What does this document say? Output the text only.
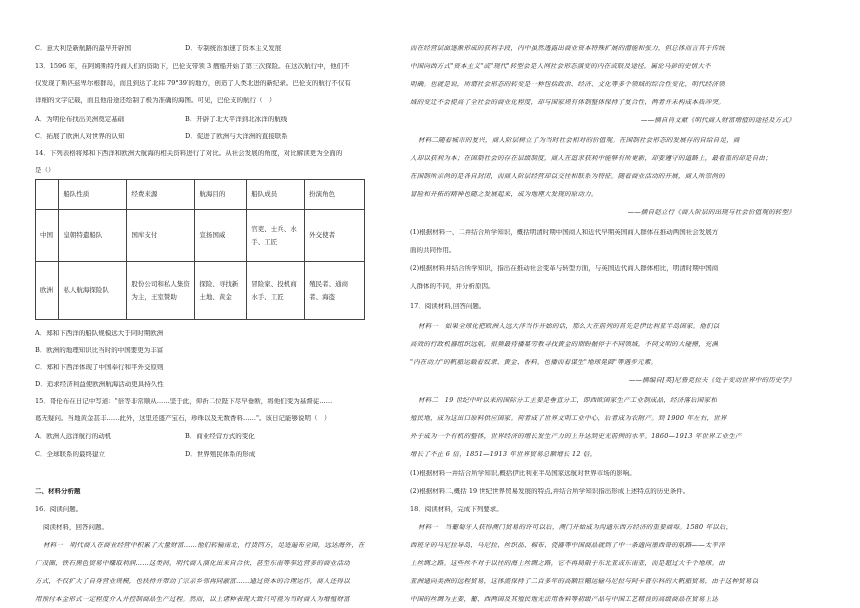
C．意大利是新航路的最早开辟国	D．专制统治加速了资本主义发展
13．1596 年，在阿姆斯特丹商人们的资助下，巴伦支带领 3 艘船开始了第三次探险。在这次航行中，他们不
仅发现了斯匹兹卑尔根群岛，而且到达了北纬 79°39′的地方，创造了人类北进的新纪录。巴伦支的航行不仅有
详细的文字记载，而且他沿途还绘制了极为准确的海图。可见，巴伦支的航行（　）
A．为明伦布找出美洲奠定基础	B．开辟了北大平洋到北冰洋的航线
C．拓展了欧洲人对世界的认知	D．促进了欧洲与大洋洲的直接联系
14．下列表格将郑和下西洋和欧洲大航海的相关资料进行了对比。从社会发展的角度，对比解读更为全面的
是（）
	船队性质	经费来源	航海目的	船队成员	扮演角色
中国	皇朝特遣船队	国库支付	宣扬国威	官吏、士兵、水手、工匠	外交使者
欧洲	私人航海探险队	股份公司和私人集资为主，王室赞助	探险、寻找新土地、黄金	冒险家、投机商水手、工匠	殖民者、通商者、海盗
A．郑和下西洋的船队规模远大于同时期欧洲
B．欧洲的地理知识比当时的中国要更为丰富
C．郑和下西洋体现了中国奉行和平外交原则
D．追求经济利益使欧洲航海活动更具持久性
15．哥伦布在日记中写道："倍等非常顺从……坚于此，仰祈二位陛下尽早垂断，将他们变为基督徒……
葛无疑问。当地黄金甚丰……此外，这里还盛产宝石，珍珠以及无数香料……"。该日记能够说明（　）
A．欧洲人远洋航行的动机	B．商业经营方式的变化
C．全球联系的最终建立	D．世界殖民体系的形成
二、材料分析题
16．阅读问题。
阅读材料，回答问题。
材料一　明代商人在商业经营中积累了大量财富……他们转输南北，行货四方，足迹遍布全国，远达海外，在
广茂圈，铁石黑色贸易中赚取利润……这类间，明代商人演化出来自合伙、甚至东南等奉近营多的商业活动
方式，不仅扩大了自身营业规模，也扶持并带动了宗亲乡邻再同蔽富……通过资本的合理运作，商人还得以
用预付本金形式一定程度介入并控制商品生产过程。然而，以上诸种表现大致只可视为当时商人为增殖财富
而在经营层面逐渐形成的获利手段，内中虽然透露出商业资本特殊扩展的潜能和张力，但总体而言其于传统
中国向西方式"资本主义"或"现代"转型会是人网社会形态演变的内在或联及途径，属论马彭的史情大不
明确。也就是说，所谓社会形态的转变是一种包括政治、经济、文化等多个领域的综合性变化，明代经济领
域的变迁不会提高了全社会的商业化程度，却与国家规有体制整体保持了复合性，两者并未构成本质冲突。
——摘自肖文献《明代商人财富增值的途径及方式》
材料二随着城市的复兴，商人阶层树立了为当时社会相对的价值观。在国制社会形态的发展存的自给自足，商
人却以获利为本；在国制社会的存在层级制度，商人在追求获利中能够有所更新，却要遵守的道路上，最看重的却是自由；
在国制所亲尚的是各自封闭，而商人阶层经营却以交往和联系为特征。随着商业活动的开展，商人所崇尚的
冒险和开拓的精神也随之发展起来，成为地理大发现的原动力。
——摘自赵立行《商人阶层的出现与社会价值观的转型》
(1)根据材料一、二并结合所学知识，概括明清时期中国商人和近代早期英国商人群体在推动两国社会发展方
面的共同作用。
(2)根据材料并结合所学知识，指出在推动社会变革与转型方面，与英国近代商人群体相比，明清时期中国商
人群体的不同，并分析原因。
17．阅读材料,回答问题。
材料一　如果全球化把欧洲人远大洋当作开始的话，那么大在前列的首先是伊比利亚半岛国家。他们以
高效的行政机器组织远航，很频最待播墓劳教寻找黄金的期盼据停于不同领域。不同文明的大碰撞，充满
"内在动力"的帆船运载着奴隶、黄金、香料，也播而着谋生"地球晃圆"等遇步元素。
——摘编自[英]尼鲁克拉夫《处于变动世界中的历史学》
材料二　19 世纪中叶以来的国际分工主要是垂直分工，即西欧国家生产工业制成品，经济落后国家和
殖民地，成为这出口原料供应国家。荷者成了世界文明工业中心，后者成为农附产。到 1900 年左右，世界
外于成为一个有机的整体，世界经济的增长发生产力的上升达到史无前例的水平。1860—1913 年世界工业生产
增长了不止 6 倍，1851—1913 年世界贸易总额增长 12 倍。
(1)根据材料一并结合所学知识,概括伊比利亚半岛国家远航对世界市场的影响。
(2)根据材料二,概括 19 世纪世界贸易发展的特点,并结合所学知识指出形成上述特点的历史条件。
18．阅读材料，完成下列要求。
材料一　当葡萄牙人获得澳门贸易的许可以后，澳门开始成为沟通东西方经济的重要商埠。1580 年以后，
西班牙的马尼拉导岛，马尼拉、丝织品、棉布、瓷器等中国商品就到了中一条通向墨西哥的航路——太平洋
上丝绸之路。这些丝不对于以往的海上丝绸之路，它不再局限于东北亚或东南亚，而是超过大千个地球。由
亚洲通向美洲的远程贸易，这体流保持了二百多年的高额巨幅运输马尼拉与阿卡普尔科的大帆船贸易，由于这种贸易以
中国的丝绸为主要，葡、西两国及其殖民地无法用香料等初级产品与中国工艺精良的高级商品在贸易上达
